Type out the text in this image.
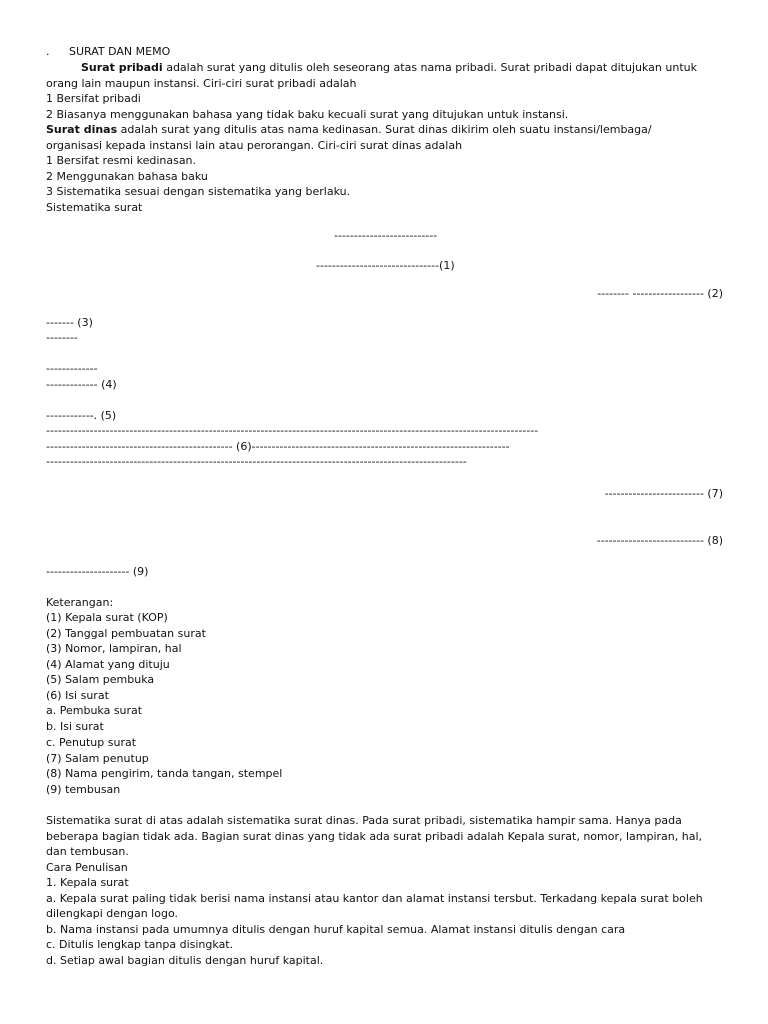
. SURAT DAN MEMO
Surat pribadi adalah surat yang ditulis oleh seseorang atas nama pribadi. Surat pribadi dapat ditujukan untuk
orang lain maupun instansi. Ciri-ciri surat pribadi adalah
1 Bersifat pribadi
2 Biasanya menggunakan bahasa yang tidak baku kecuali surat yang ditujukan untuk instansi.
Surat dinas adalah surat yang ditulis atas nama kedinasan. Surat dinas dikirim oleh suatu instansi/lembaga/
organisasi kepada instansi lain atau perorangan. Ciri-ciri surat dinas adalah
1 Bersifat resmi kedinasan.
2 Menggunakan bahasa baku
3 Sistematika sesuai dengan sistematika yang berlaku.
Sistematika surat
--------------------------
-------------------------------(1)
-------- ------------------ (2)
------- (3)
--------
-------------
------------- (4)
------------. (5)
----------------------------------------------------------------------------------------------------------------------------
----------------------------------------------- (6)-----------------------------------------------------------------
----------------------------------------------------------------------------------------------------------
------------------------- (7)
--------------------------- (8)
--------------------- (9)
Keterangan:
(1) Kepala surat (KOP)
(2) Tanggal pembuatan surat
(3) Nomor, lampiran, hal
(4) Alamat yang dituju
(5) Salam pembuka
(6) Isi surat
a. Pembuka surat
b. Isi surat
c. Penutup surat
(7) Salam penutup
(8) Nama pengirim, tanda tangan, stempel
(9) tembusan
Sistematika surat di atas adalah sistematika surat dinas. Pada surat pribadi, sistematika hampir sama. Hanya pada
beberapa bagian tidak ada. Bagian surat dinas yang tidak ada surat pribadi adalah Kepala surat, nomor, lampiran, hal,
dan tembusan.
Cara Penulisan
1. Kepala surat
a. Kepala surat paling tidak berisi nama instansi atau kantor dan alamat instansi tersbut. Terkadang kepala surat boleh
dilengkapi dengan logo.
b. Nama instansi pada umumnya ditulis dengan huruf kapital semua. Alamat instansi ditulis dengan cara
c. Ditulis lengkap tanpa disingkat.
d. Setiap awal bagian ditulis dengan huruf kapital.
